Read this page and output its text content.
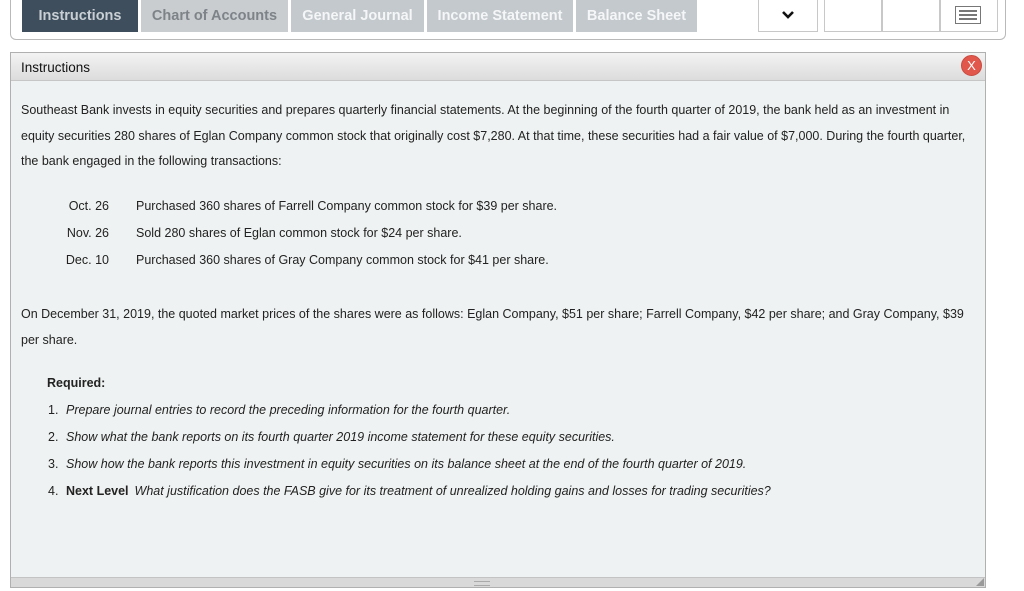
Instructions	Chart of Accounts	General Journal	Income Statement	Balance Sheet
Instructions	X
Southeast Bank invests in equity securities and prepares quarterly financial statements. At the beginning of the fourth quarter of 2019, the bank held as an investment in equity securities 280 shares of Eglan Company common stock that originally cost $7,280. At that time, these securities had a fair value of $7,000. During the fourth quarter, the bank engaged in the following transactions:
Oct. 26 Purchased 360 shares of Farrell Company common stock for $39 per share.
Nov. 26 Sold 280 shares of Eglan common stock for $24 per share.
Dec. 10 Purchased 360 shares of Gray Company common stock for $41 per share.
On December 31, 2019, the quoted market prices of the shares were as follows: Eglan Company, $51 per share; Farrell Company, $42 per share; and Gray Company, $39 per share.
Required:
1. Prepare journal entries to record the preceding information for the fourth quarter.
2. Show what the bank reports on its fourth quarter 2019 income statement for these equity securities.
3. Show how the bank reports this investment in equity securities on its balance sheet at the end of the fourth quarter of 2019.
4. Next Level What justification does the FASB give for its treatment of unrealized holding gains and losses for trading securities?
